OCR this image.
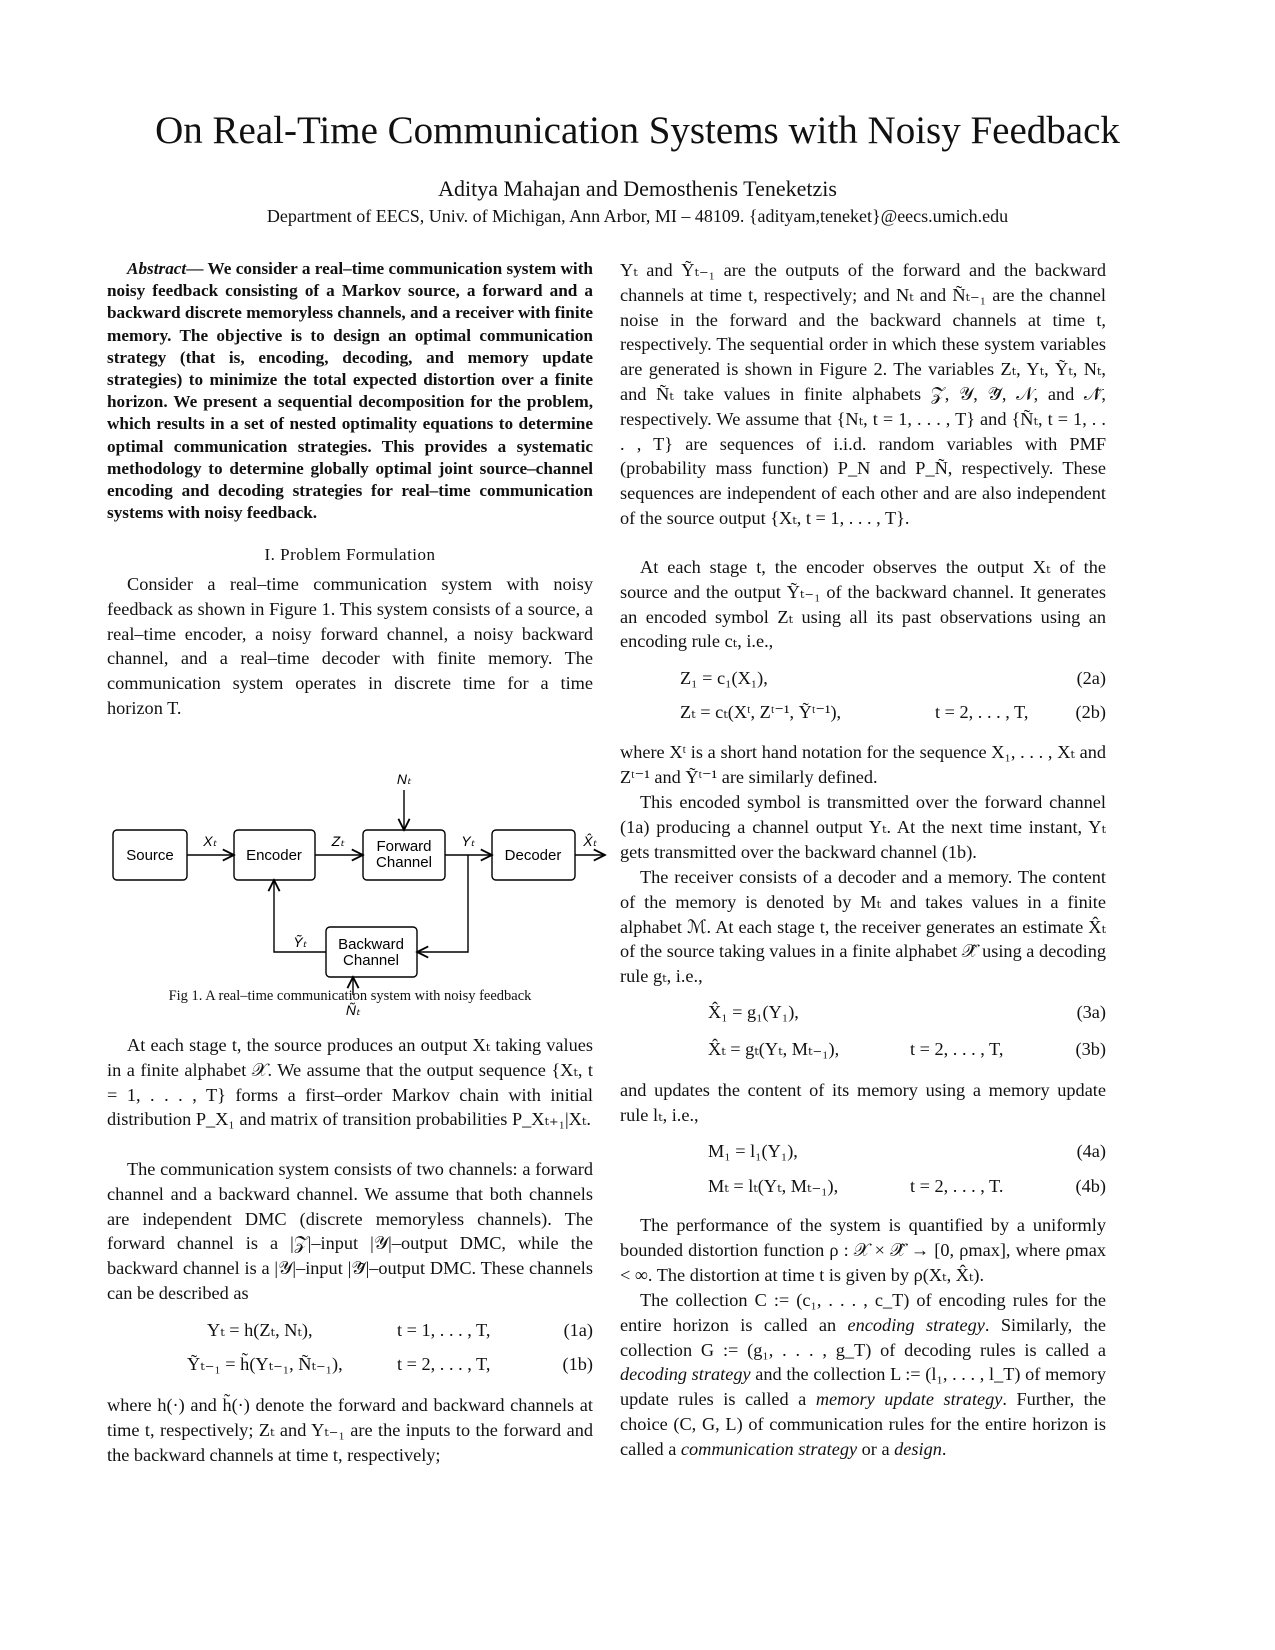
On Real-Time Communication Systems with Noisy Feedback
Aditya Mahajan and Demosthenis Teneketzis
Department of EECS, Univ. of Michigan, Ann Arbor, MI – 48109. {adityam,teneket}@eecs.umich.edu
Abstract— We consider a real–time communication system with noisy feedback consisting of a Markov source, a forward and a backward discrete memoryless channels, and a receiver with finite memory. The objective is to design an optimal communication strategy (that is, encoding, decoding, and memory update strategies) to minimize the total expected distortion over a finite horizon. We present a sequential decomposition for the problem, which results in a set of nested optimality equations to determine optimal communication strategies. This provides a systematic methodology to determine globally optimal joint source–channel encoding and decoding strategies for real–time communication systems with noisy feedback.
I. Problem Formulation
Consider a real–time communication system with noisy feedback as shown in Figure 1. This system consists of a source, a real–time encoder, a noisy forward channel, a noisy backward channel, and a real–time decoder with finite memory. The communication system operates in discrete time for a time horizon T.
Source	Encoder
Forward
Channel	Decoder
Backward
Channel
Xₜ	Zₜ	Yₜ	X̂ₜ
Nₜ
Ỹₜ
Ñₜ
Fig 1. A real–time communication system with noisy feedback
At each stage t, the source produces an output Xₜ taking values in a finite alphabet 𝒳. We assume that the output sequence {Xₜ, t = 1, . . . , T} forms a first–order Markov chain with initial distribution P_X₁ and matrix of transition probabilities P_Xₜ₊₁|Xₜ.
The communication system consists of two channels: a forward channel and a backward channel. We assume that both channels are independent DMC (discrete memoryless channels). The forward channel is a |𝒵|–input |𝒴|–output DMC, while the backward channel is a |𝒴|–input |𝒴̃|–output DMC. These channels can be described as
Yₜ = h(Zₜ, Nₜ),	t = 1, . . . , T,	(1a)
Ỹₜ₋₁ = h̃(Yₜ₋₁, Ñₜ₋₁),	t = 2, . . . , T,	(1b)
where h(·) and h̃(·) denote the forward and backward channels at time t, respectively; Zₜ and Yₜ₋₁ are the inputs to the forward and the backward channels at time t, respectively;
Yₜ and Ỹₜ₋₁ are the outputs of the forward and the backward channels at time t, respectively; and Nₜ and Ñₜ₋₁ are the channel noise in the forward and the backward channels at time t, respectively. The sequential order in which these system variables are generated is shown in Figure 2. The variables Zₜ, Yₜ, Ỹₜ, Nₜ, and Ñₜ take values in finite alphabets 𝒵, 𝒴, 𝒴̃, 𝒩, and 𝒩̃, respectively. We assume that {Nₜ, t = 1, . . . , T} and {Ñₜ, t = 1, . . . , T} are sequences of i.i.d. random variables with PMF (probability mass function) P_N and P_Ñ, respectively. These sequences are independent of each other and are also independent of the source output {Xₜ, t = 1, . . . , T}.
At each stage t, the encoder observes the output Xₜ of the source and the output Ỹₜ₋₁ of the backward channel. It generates an encoded symbol Zₜ using all its past observations using an encoding rule cₜ, i.e.,
Z₁ = c₁(X₁),	(2a)
Zₜ = cₜ(Xᵗ, Zᵗ⁻¹, Ỹᵗ⁻¹),	t = 2, . . . , T,	(2b)
where Xᵗ is a short hand notation for the sequence X₁, . . . , Xₜ and Zᵗ⁻¹ and Ỹᵗ⁻¹ are similarly defined.
This encoded symbol is transmitted over the forward channel (1a) producing a channel output Yₜ. At the next time instant, Yₜ gets transmitted over the backward channel (1b).
The receiver consists of a decoder and a memory. The content of the memory is denoted by Mₜ and takes values in a finite alphabet ℳ. At each stage t, the receiver generates an estimate X̂ₜ of the source taking values in a finite alphabet 𝒳̂ using a decoding rule gₜ, i.e.,
X̂₁ = g₁(Y₁),	(3a)
X̂ₜ = gₜ(Yₜ, Mₜ₋₁),	t = 2, . . . , T,	(3b)
and updates the content of its memory using a memory update rule lₜ, i.e.,
M₁ = l₁(Y₁),	(4a)
Mₜ = lₜ(Yₜ, Mₜ₋₁),	t = 2, . . . , T.	(4b)
The performance of the system is quantified by a uniformly bounded distortion function ρ : 𝒳 × 𝒳̂ → [0, ρmax], where ρmax < ∞. The distortion at time t is given by ρ(Xₜ, X̂ₜ).
The collection C := (c₁, . . . , c_T) of encoding rules for the entire horizon is called an encoding strategy. Similarly, the collection G := (g₁, . . . , g_T) of decoding rules is called a decoding strategy and the collection L := (l₁, . . . , l_T) of memory update rules is called a memory update strategy. Further, the choice (C, G, L) of communication rules for the entire horizon is called a communication strategy or a design.
